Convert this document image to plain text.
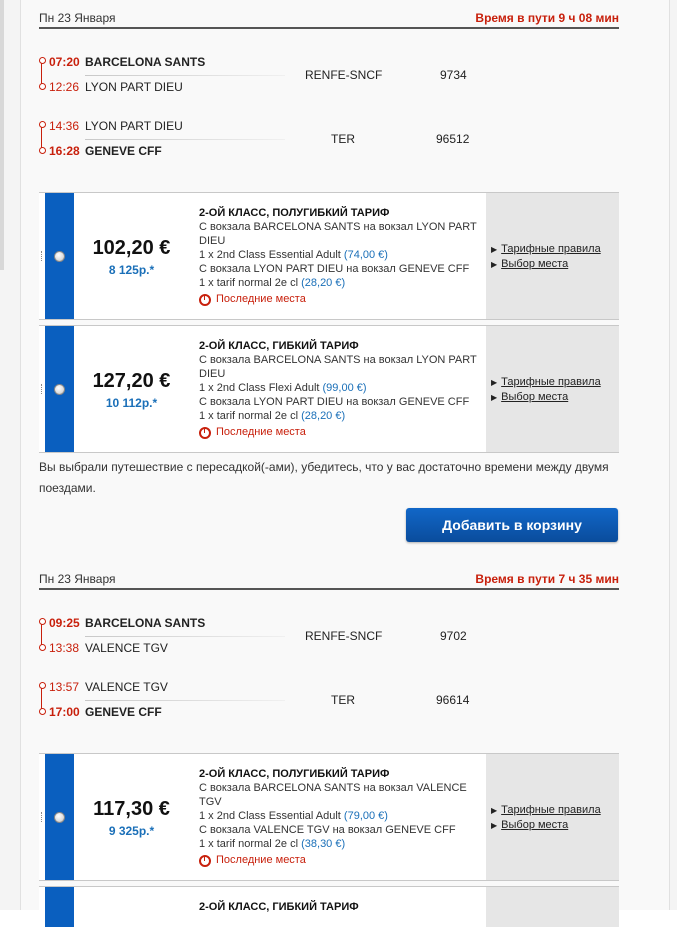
Пн 23 Января	Время в пути 9 ч 08 мин
07:20 BARCELONA SANTS
12:26 LYON PART DIEU
RENFE-SNCF	9734
14:36 LYON PART DIEU
16:28 GENEVE CFF
TER	96512
102,20 €
8 125р.*
2-ОЙ КЛАСС, ПОЛУГИБКИЙ ТАРИФ
С вокзала BARCELONA SANTS на вокзал LYON PART
DIEU
1 x 2nd Class Essential Adult (74,00 €)
С вокзала LYON PART DIEU на вокзал GENEVE CFF
1 x tarif normal 2e cl (28,20 €)
Последние места
▶ Тарифные правила
▶ Выбор места
127,20 €
10 112р.*
2-ОЙ КЛАСС, ГИБКИЙ ТАРИФ
С вокзала BARCELONA SANTS на вокзал LYON PART
DIEU
1 x 2nd Class Flexi Adult (99,00 €)
С вокзала LYON PART DIEU на вокзал GENEVE CFF
1 x tarif normal 2e cl (28,20 €)
Последние места
▶ Тарифные правила
▶ Выбор места
Вы выбрали путешествие с пересадкой(-ами), убедитесь, что у вас достаточно времени между двумя поездами.
Добавить в корзину
Пн 23 Января	Время в пути 7 ч 35 мин
09:25 BARCELONA SANTS
13:38 VALENCE TGV
RENFE-SNCF	9702
13:57 VALENCE TGV
17:00 GENEVE CFF
TER	96614
117,30 €
9 325р.*
2-ОЙ КЛАСС, ПОЛУГИБКИЙ ТАРИФ
С вокзала BARCELONA SANTS на вокзал VALENCE
TGV
1 x 2nd Class Essential Adult (79,00 €)
С вокзала VALENCE TGV на вокзал GENEVE CFF
1 x tarif normal 2e cl (38,30 €)
Последние места
▶ Тарифные правила
▶ Выбор места
2-ОЙ КЛАСС, ГИБКИЙ ТАРИФ
